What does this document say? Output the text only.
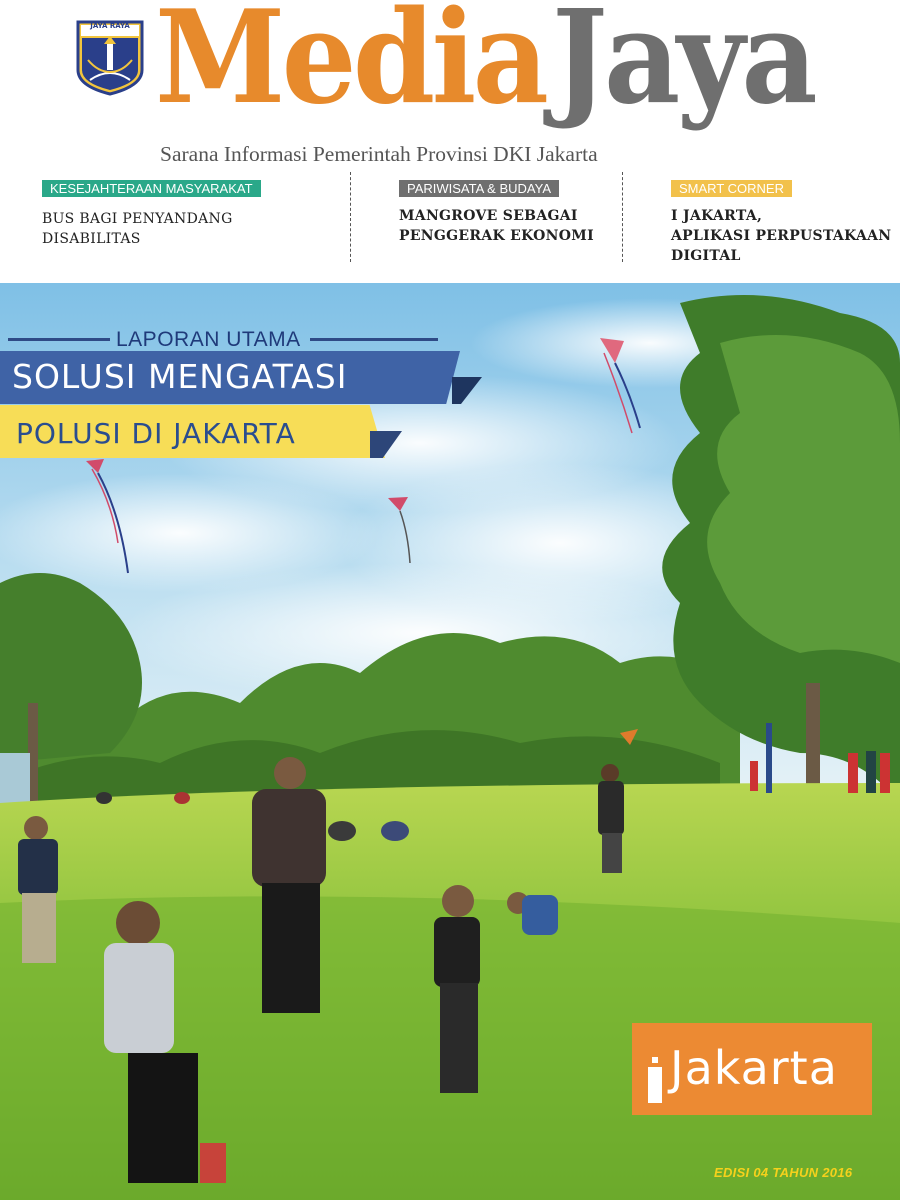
JAYA RAYA Media Jaya
Sarana Informasi Pemerintah Provinsi DKI Jakarta
KESEJAHTERAAN MASYARAKAT
BUS BAGI PENYANDANG
DISABILITAS
PARIWISATA & BUDAYA
MANGROVE SEBAGAI
PENGGERAK EKONOMI
SMART CORNER
I JAKARTA,
APLIKASI PERPUSTAKAAN
DIGITAL
LAPORAN UTAMA
SOLUSI MENGATASI
POLUSI DI JAKARTA
Jakarta
EDISI 04 TAHUN 2016
